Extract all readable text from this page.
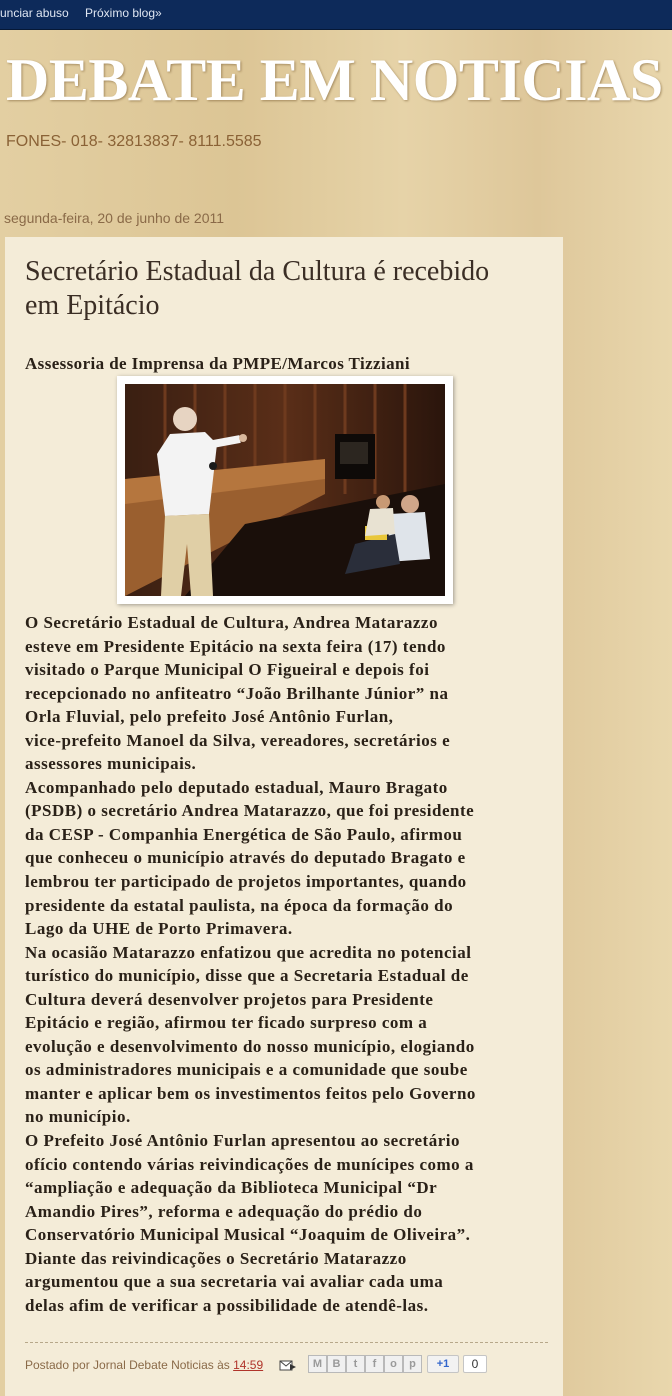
unciar abuso Próximo blog»
DEBATE EM NOTICIAS
FONES- 018- 32813837- 8111.5585
segunda-feira, 20 de junho de 2011
Secretário Estadual da Cultura é recebido em Epitácio
Assessoria de Imprensa da PMPE/Marcos Tizziani

O Secretário Estadual de Cultura, Andrea Matarazzo

esteve em Presidente Epitácio na sexta feira (17) tendo

visitado o Parque Municipal O Figueiral e depois foi

recepcionado no anfiteatro “João Brilhante Júnior” na

Orla Fluvial, pelo prefeito José Antônio Furlan,

vice-prefeito Manoel da Silva, vereadores, secretários e

assessores municipais.

Acompanhado pelo deputado estadual, Mauro Bragato

(PSDB) o secretário Andrea Matarazzo, que foi presidente

da CESP - Companhia Energética de São Paulo, afirmou

que conheceu o município através do deputado Bragato e

lembrou ter participado de projetos importantes, quando

presidente da estatal paulista, na época da formação do

Lago da UHE de Porto Primavera.

Na ocasião Matarazzo enfatizou que acredita no potencial

turístico do município, disse que a Secretaria Estadual de

Cultura deverá desenvolver projetos para Presidente

Epitácio e região, afirmou ter ficado surpreso com a

evolução e desenvolvimento do nosso município, elogiando

os administradores municipais e a comunidade que soube

manter e aplicar bem os investimentos feitos pelo Governo

no município.

O Prefeito José Antônio Furlan apresentou ao secretário

ofício contendo várias reivindicações de munícipes como a

“ampliação e adequação da Biblioteca Municipal “Dr

Amandio Pires”, reforma e adequação do prédio do

Conservatório Municipal Musical “Joaquim de Oliveira”.

Diante das reivindicações o Secretário Matarazzo

argumentou que a sua secretaria vai avaliar cada uma

delas afim de verificar a possibilidade de atendê-las.

Postado por Jornal Debate Noticias às 14:59	M B	t	f	o	p	+1	0
